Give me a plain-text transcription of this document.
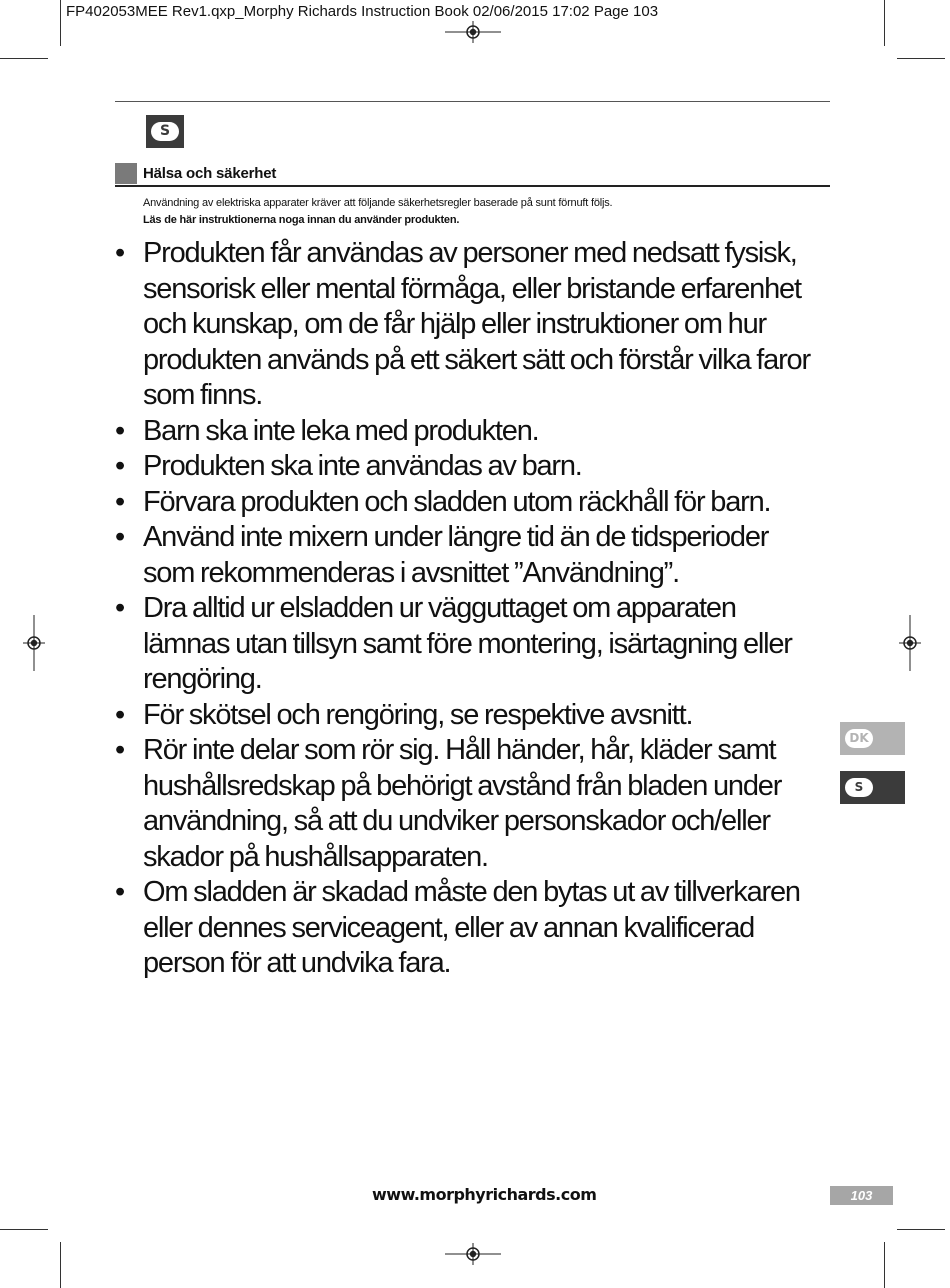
FP402053MEE Rev1.qxp_Morphy Richards Instruction Book 02/06/2015 17:02 Page 103
S
Hälsa och säkerhet
Användning av elektriska apparater kräver att följande säkerhetsregler baserade på sunt förnuft följs.
Läs de här instruktionerna noga innan du använder produkten.
• Produkten får användas av personer med nedsatt fysisk, sensorisk eller mental förmåga, eller bristande erfarenhet och kunskap, om de får hjälp eller instruktioner om hur produkten används på ett säkert sätt och förstår vilka faror som finns.
• Barn ska inte leka med produkten.
• Produkten ska inte användas av barn.
• Förvara produkten och sladden utom räckhåll för barn.
• Använd inte mixern under längre tid än de tidsperioder som rekommenderas i avsnittet ”Användning”.
• Dra alltid ur elsladden ur vägguttaget om apparaten lämnas utan tillsyn samt före montering, isärtagning eller rengöring.
• För skötsel och rengöring, se respektive avsnitt.
• Rör inte delar som rör sig. Håll händer, hår, kläder samt hushållsredskap på behörigt avstånd från bladen under användning, så att du undviker personskador och/eller skador på hushållsapparaten.
• Om sladden är skadad måste den bytas ut av tillverkaren eller dennes serviceagent, eller av annan kvalificerad person för att undvika fara.
DK
S
www.morphyrichards.com	103
